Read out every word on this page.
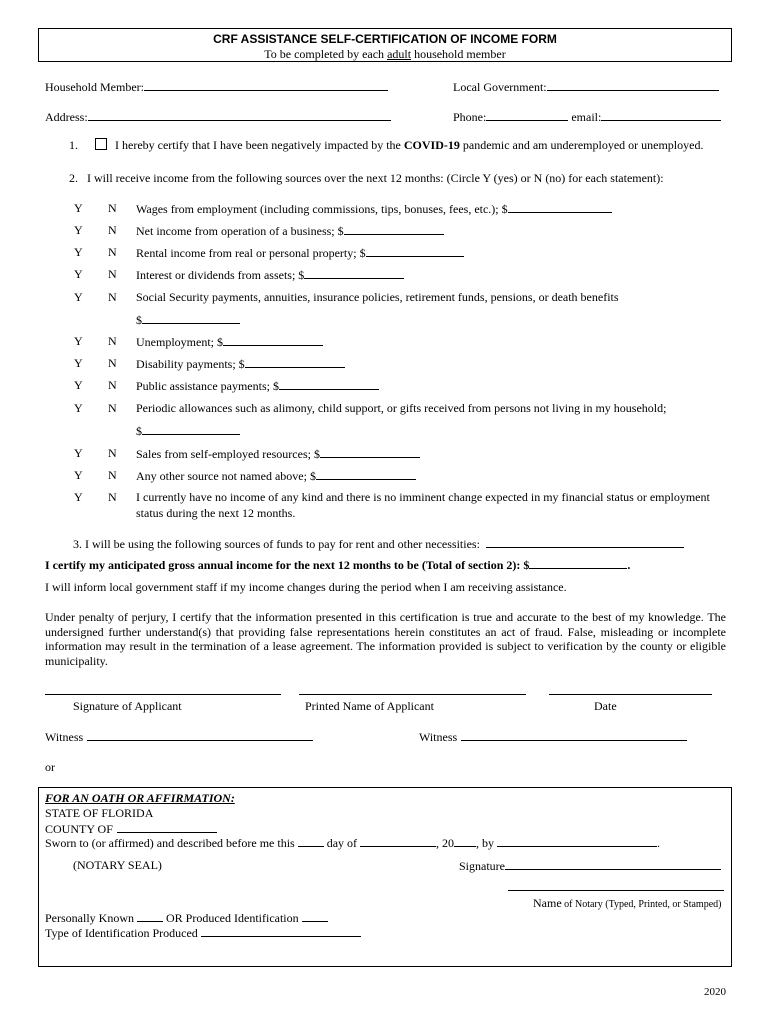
CRF ASSISTANCE SELF-CERTIFICATION OF INCOME FORM
To be completed by each adult household member
Household Member:	Local Government:
Address:	Phone:	email:
1.	I hereby certify that I have been negatively impacted by the COVID-19 pandemic and am underemployed or unemployed.
2. I will receive income from the following sources over the next 12 months: (Circle Y (yes) or N (no) for each statement):
Y N Wages from employment (including commissions, tips, bonuses, fees, etc.); $
Y N Net income from operation of a business; $
Y N Rental income from real or personal property; $
Y N Interest or dividends from assets; $
Y N Social Security payments, annuities, insurance policies, retirement funds, pensions, or death benefits
$
Y N Unemployment; $
Y N Disability payments; $
Y N Public assistance payments; $
Y N Periodic allowances such as alimony, child support, or gifts received from persons not living in my household;
$
Y N Sales from self-employed resources; $
Y N Any other source not named above; $
Y N I currently have no income of any kind and there is no imminent change expected in my financial status or employment
status during the next 12 months.
3. I will be using the following sources of funds to pay for rent and other necessities:
I certify my anticipated gross annual income for the next 12 months to be (Total of section 2): $	.
I will inform local government staff if my income changes during the period when I am receiving assistance.
Under penalty of perjury, I certify that the information presented in this certification is true and accurate to the best of my knowledge. The undersigned further understand(s) that providing false representations herein constitutes an act of fraud. False, misleading or incomplete information may result in the termination of a lease agreement. The information provided is subject to verification by the county or eligible municipality.
Signature of Applicant	Printed Name of Applicant	Date
Witness	Witness
or
FOR AN OATH OR AFFIRMATION:
STATE OF FLORIDA
COUNTY OF
Sworn to (or affirmed) and described before me this	day of	, 20 , by	.
(NOTARY SEAL)	Signature
Name of Notary (Typed, Printed, or Stamped)
Personally Known	OR Produced Identification
Type of Identification Produced
2020
